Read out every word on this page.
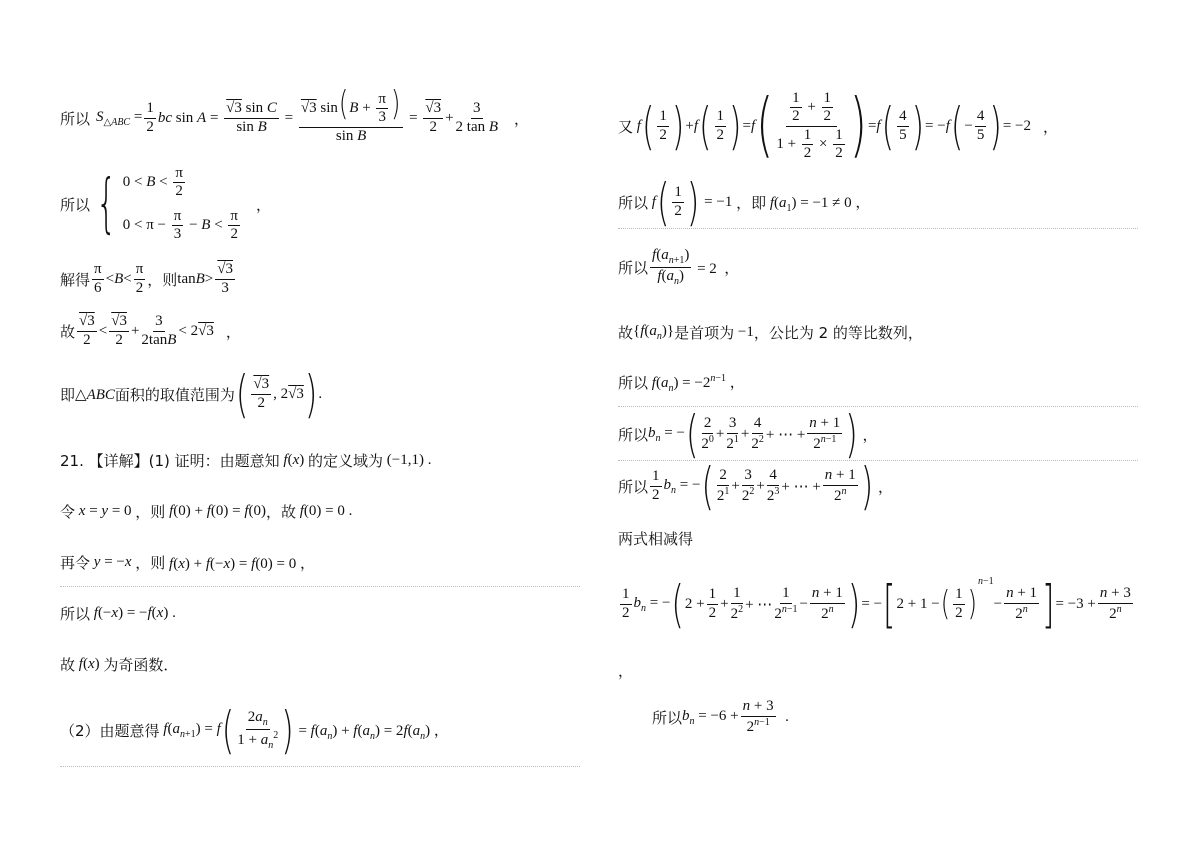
所以 $S_{\triangle ABC} = \frac{1}{2}$ bc sin A = √ $\frac{\text{3 sin C}}{\text{sin B}}$ = √ $\frac{3 \sin(B + \frac{\pi}{3} )}{\text{sin B}}$ = √ $\frac{3}{2} + \frac{3}{\text{2 tan B}}$ ，
所以 { $0 < B < \frac{\pi}{2}$
$0 < \pi - \frac{\pi}{3} - B < \frac{\pi}{2}$
，
解得 $\frac{\pi}{6} < B < \frac{\pi}{2}$ ，则 tan B > √ $\frac{3}{3}$
故 √ $\frac{3}{2}$ < √ $\frac{3}{2} + \frac{3}{2\tan B} < 2$ √ 3 ，
即 △ABC 面积的取值范围为 ( √ $\frac{3}{2}$ , 2 √ 3 ) .
21. 【详解】(1) 证明：由题意知 f(x) 的定义域为 (−1,1) .
令 x = y = 0 ，则 f(0) + f(0) = f(0) ，故 f(0) = 0 .
再令 y = −x ，则 f(x) + f(−x) = f(0) = 0 ，
所以 f(−x) = −f(x) .
故 f(x) 为奇函数．
（2）由题意得 $f(a_{n+1}) = f$ ( $\frac{2a_n}{1 + a_n^2}$ ) = $f(a_n) + f(a_n) = 2f(a_n)$ ，
又 f ( $\frac{1}{2}$ ) + f ( $\frac{1}{2}$ ) = f ( $\frac{\frac{1}{2} + \frac{1}{2}}{1 + \frac{1}{2} \times \frac{1}{2}}$ ) = f ( $\frac{4}{5}$ ) = − f ( − $\frac{4}{5}$ ) = −2 ，
所以 f ( $\frac{1}{2}$ ) = −1 ，即 $f(a_1) = -1 \ne 0$ ，
所以 $\frac{f(a_{n+1})}{f(a_n)} = 2$  ，
故 $\{f(a_n)\}$ 是首项为 −1 ，公比为 2 的等比数列，
所以 $f(a_n) = -2^{n-1}$ ，
所以 $b_n$ = − ( $\frac{2}{2^0} + \frac{3}{2^1} + \frac{4}{2^2}$ + ⋯ + $\frac{n + 1}{2^{n-1}}$ ) ，
所以 $\frac{1}{2} b_n$ = − ( $\frac{2}{2^1} + \frac{3}{2^2} + \frac{4}{2^3}$ + ⋯ + $\frac{n + 1}{2^n}$ ) ，
两式相减得
$\frac{1}{2} b_n$ = − ( $2 + \frac{1}{2} + \frac{1}{2^2}$ + ⋯ $\frac{1}{2^{n-1}} - \frac{n + 1}{2^n}$ ) = − [ 2 + 1 − ( $\frac{1}{2}$ )
n−1
− $\frac{n + 1}{2^n}$ ] = $-3 + \frac{n + 3}{2^n}$
，
所以 $b_n = -6 + \frac{n + 3}{2^{n-1}}$ .
